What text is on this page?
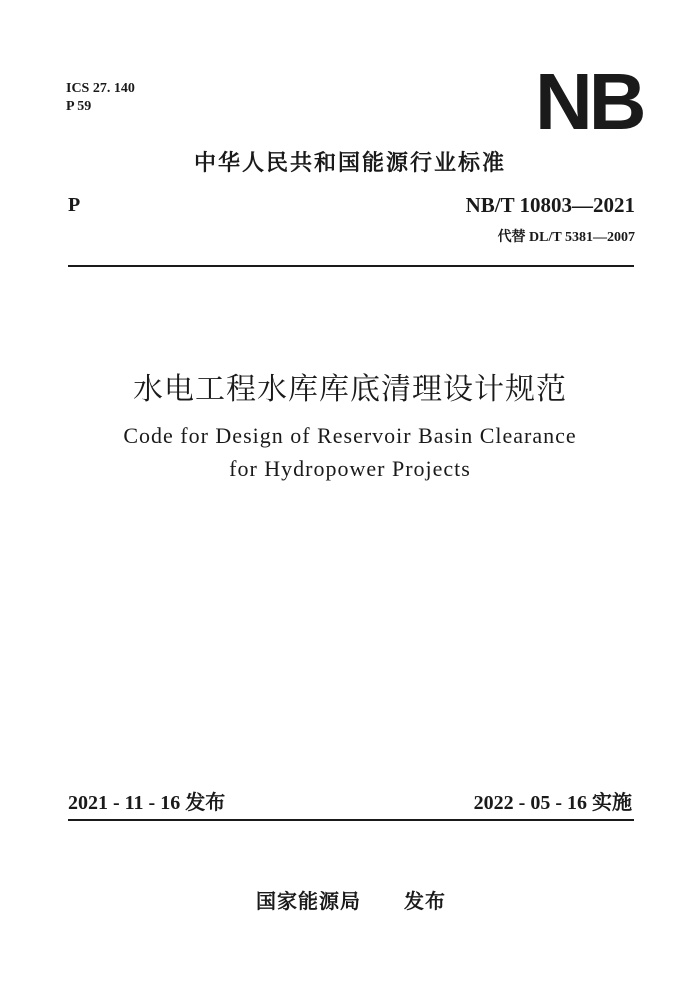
ICS 27. 140
P 59	NB
中华人民共和国能源行业标准
P	NB/T 10803—2021
代替 DL/T 5381—2007
水电工程水库库底清理设计规范
Code for Design of Reservoir Basin Clearance
for Hydropower Projects
2021 - 11 - 16 发布	2022 - 05 - 16 实施
国家能源局 发布
